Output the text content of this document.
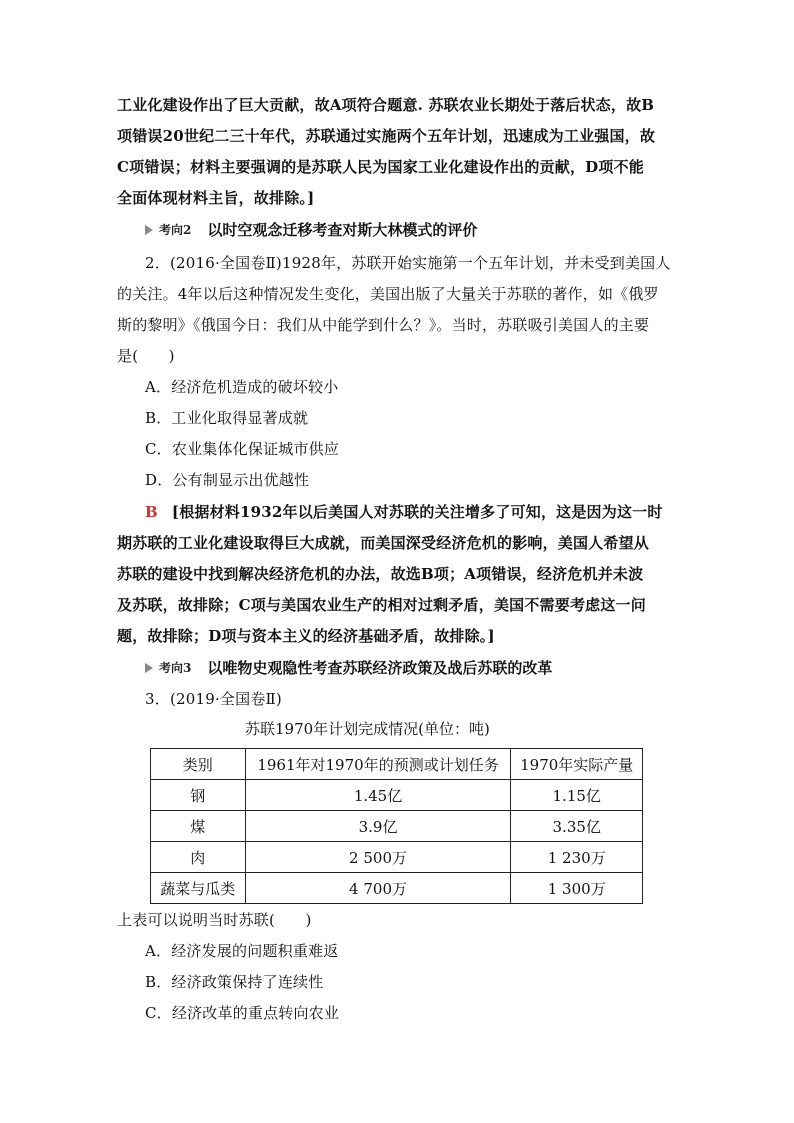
工业化建设作出了巨大贡献，故A项符合题意. 苏联农业长期处于落后状态，故B
项错误20世纪二三十年代，苏联通过实施两个五年计划，迅速成为工业强国，故
C项错误；材料主要强调的是苏联人民为国家工业化建设作出的贡献，D项不能
全面体现材料主旨，故排除。]
考向2 以时空观念迁移考查对斯大林模式的评价
2．(2016·全国卷Ⅱ)1928年，苏联开始实施第一个五年计划，并未受到美国人
的关注。4年以后这种情况发生变化，美国出版了大量关于苏联的著作，如《俄罗
斯的黎明》《俄国今日：我们从中能学到什么？》。当时，苏联吸引美国人的主要
是(　　)
A．经济危机造成的破坏较小
B．工业化取得显著成就
C．农业集体化保证城市供应
D．公有制显示出优越性
B [根据材料1932年以后美国人对苏联的关注增多了可知，这是因为这一时
期苏联的工业化建设取得巨大成就，而美国深受经济危机的影响，美国人希望从
苏联的建设中找到解决经济危机的办法，故选B项；A项错误，经济危机并未波
及苏联，故排除；C项与美国农业生产的相对过剩矛盾，美国不需要考虑这一问
题，故排除；D项与资本主义的经济基础矛盾，故排除。]
考向3 以唯物史观隐性考查苏联经济政策及战后苏联的改革
3．(2019·全国卷Ⅱ)
苏联1970年计划完成情况(单位：吨)
类别	1961年对1970年的预测或计划任务	1970年实际产量
钢	1.45亿	1.15亿
煤	3.9亿	3.35亿
肉	2 500万	1 230万
蔬菜与瓜类	4 700万	1 300万
上表可以说明当时苏联(　　)
A．经济发展的问题积重难返
B．经济政策保持了连续性
C．经济改革的重点转向农业
